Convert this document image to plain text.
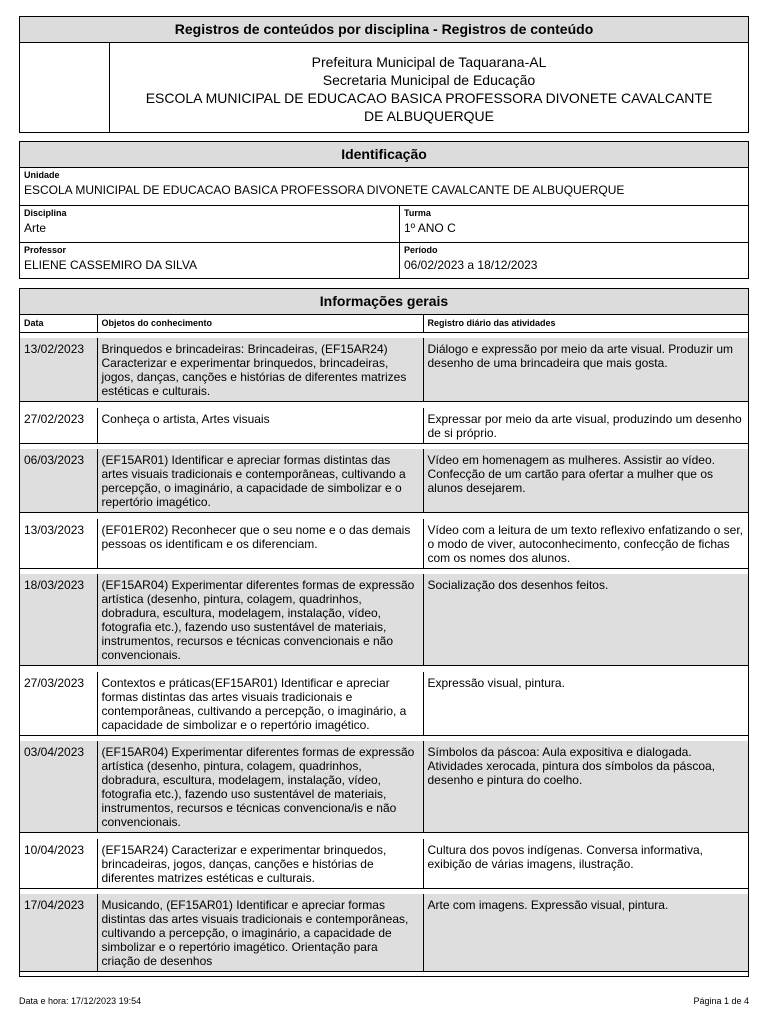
Registros de conteúdos por disciplina - Registros de conteúdo
Prefeitura Municipal de Taquarana-AL
Secretaria Municipal de Educação
ESCOLA MUNICIPAL DE EDUCACAO BASICA PROFESSORA DIVONETE CAVALCANTE
DE ALBUQUERQUE
Identificação
Unidade
ESCOLA MUNICIPAL DE EDUCACAO BASICA PROFESSORA DIVONETE CAVALCANTE DE ALBUQUERQUE
Disciplina
Arte
Turma
1º ANO C
Professor
ELIENE CASSEMIRO DA SILVA
Período
06/02/2023 a 18/12/2023
Informações gerais
Data	Objetos do conhecimento	Registro diário das atividades

13/02/2023	Brinquedos e brincadeiras: Brincadeiras, (EF15AR24) Caracterizar e experimentar brinquedos, brincadeiras, jogos, danças, canções e histórias de diferentes matrizes estéticas e culturais.	Diálogo e expressão por meio da arte visual. Produzir um desenho de uma brincadeira que mais gosta.

27/02/2023	Conheça o artista, Artes visuais	Expressar por meio da arte visual, produzindo um desenho de si próprio.

06/03/2023	(EF15AR01) Identificar e apreciar formas distintas das artes visuais tradicionais e contemporâneas, cultivando a percepção, o imaginário, a capacidade de simbolizar e o repertório imagético.	Vídeo em homenagem as mulheres. Assistir ao vídeo. Confecção de um cartão para ofertar a mulher que os alunos desejarem.

13/03/2023	(EF01ER02) Reconhecer que o seu nome e o das demais pessoas os identificam e os diferenciam.	Vídeo com a leitura de um texto reflexivo enfatizando o ser, o modo de viver, autoconhecimento, confecção de fichas com os nomes dos alunos.

18/03/2023	(EF15AR04) Experimentar diferentes formas de expressão artística (desenho, pintura, colagem, quadrinhos, dobradura, escultura, modelagem, instalação, vídeo, fotografia etc.), fazendo uso sustentável de materiais, instrumentos, recursos e técnicas convencionais e não convencionais.	Socialização dos desenhos feitos.

27/03/2023	Contextos e práticas(EF15AR01) Identificar e apreciar formas distintas das artes visuais tradicionais e contemporâneas, cultivando a percepção, o imaginário, a capacidade de simbolizar e o repertório imagético.	Expressão visual, pintura.

03/04/2023	(EF15AR04) Experimentar diferentes formas de expressão artística (desenho, pintura, colagem, quadrinhos, dobradura, escultura, modelagem, instalação, vídeo, fotografia etc.), fazendo uso sustentável de materiais, instrumentos, recursos e técnicas convenciona/is e não convencionais.	Símbolos da páscoa: Aula expositiva e dialogada. Atividades xerocada, pintura dos símbolos da páscoa, desenho e pintura do coelho.

10/04/2023	(EF15AR24) Caracterizar e experimentar brinquedos, brincadeiras, jogos, danças, canções e histórias de diferentes matrizes estéticas e culturais.	Cultura dos povos indígenas. Conversa informativa, exibição de várias imagens, ilustração.

17/04/2023	Musicando, (EF15AR01) Identificar e apreciar formas distintas das artes visuais tradicionais e contemporâneas, cultivando a percepção, o imaginário, a capacidade de simbolizar e o repertório imagético. Orientação para criação de desenhos	Arte com imagens. Expressão visual, pintura.
Data e hora: 17/12/2023 19:54	Página 1 de 4
